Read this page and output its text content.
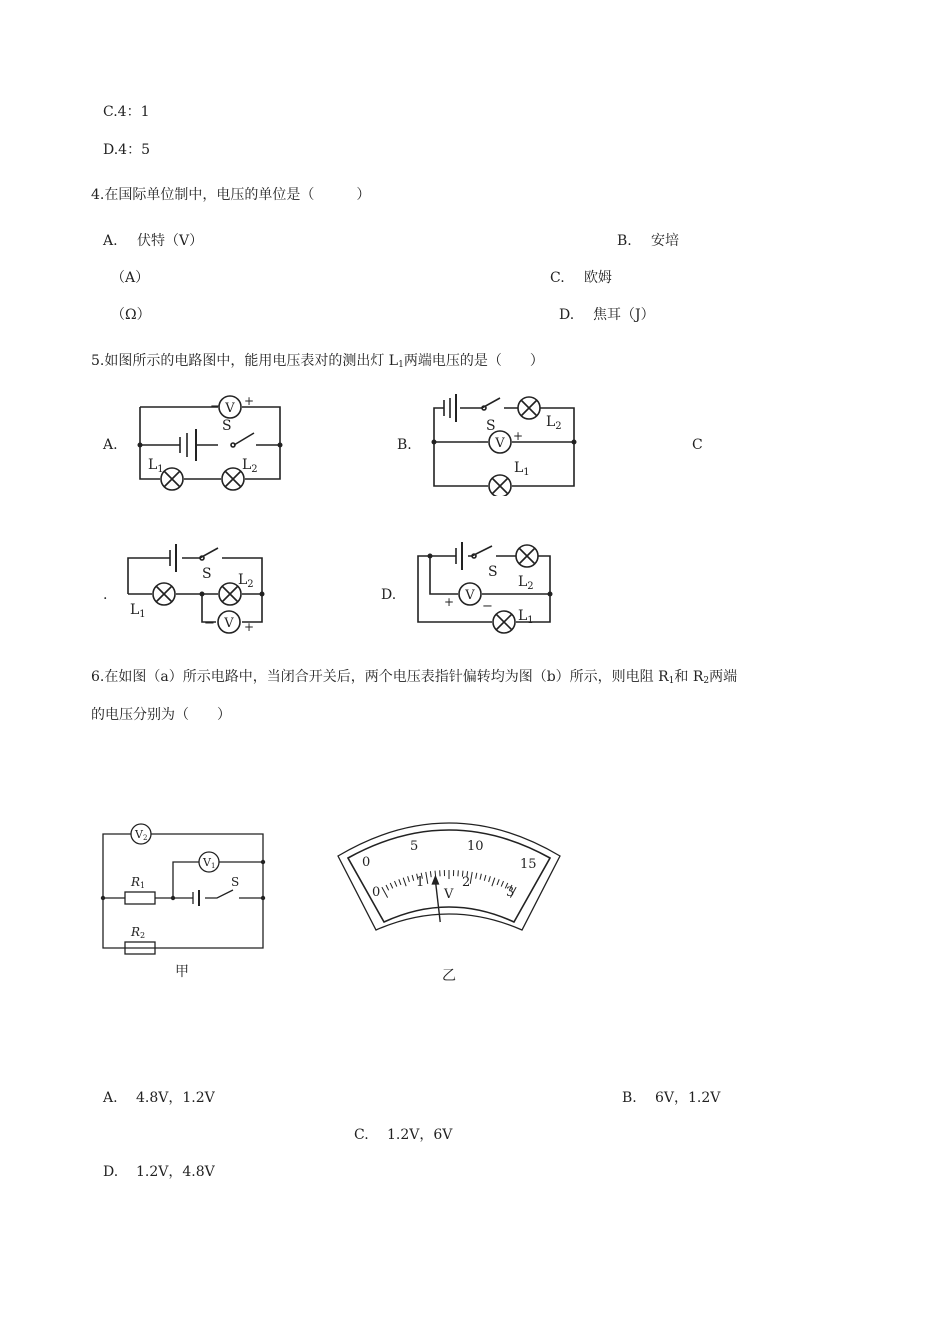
C.4：1
D.4：5
4.在国际单位制中，电压的单位是（　　　）
A. 伏特（V）	B. 安培
（A）	C. 欧姆
（Ω）	D. 焦耳（J）
5.如图所示的电路图中，能用电压表对的测出灯 $L_1$两端电压的是（　　）
A.	B.	C
.	D.
V
− +
S
$L_1$	$L_2$
V
− +
S	$L_2$
$L_1$
V
− +
S $L_2$
$L_1$
V
+ −
S
$L_2$
$L_1$
6.在如图（a）所示电路中，当闭合开关后，两个电压表指针偏转均为图（b）所示，则电阻 $R_1$和 $R_2$两端
的电压分别为（　　）
V2
V1
R1
R2
S
甲
0
5	10
15
0
1	2
3
V
乙
A. 4.8V，1.2V	B. 6V，1.2V
C. 1.2V，6V
D. 1.2V，4.8V
